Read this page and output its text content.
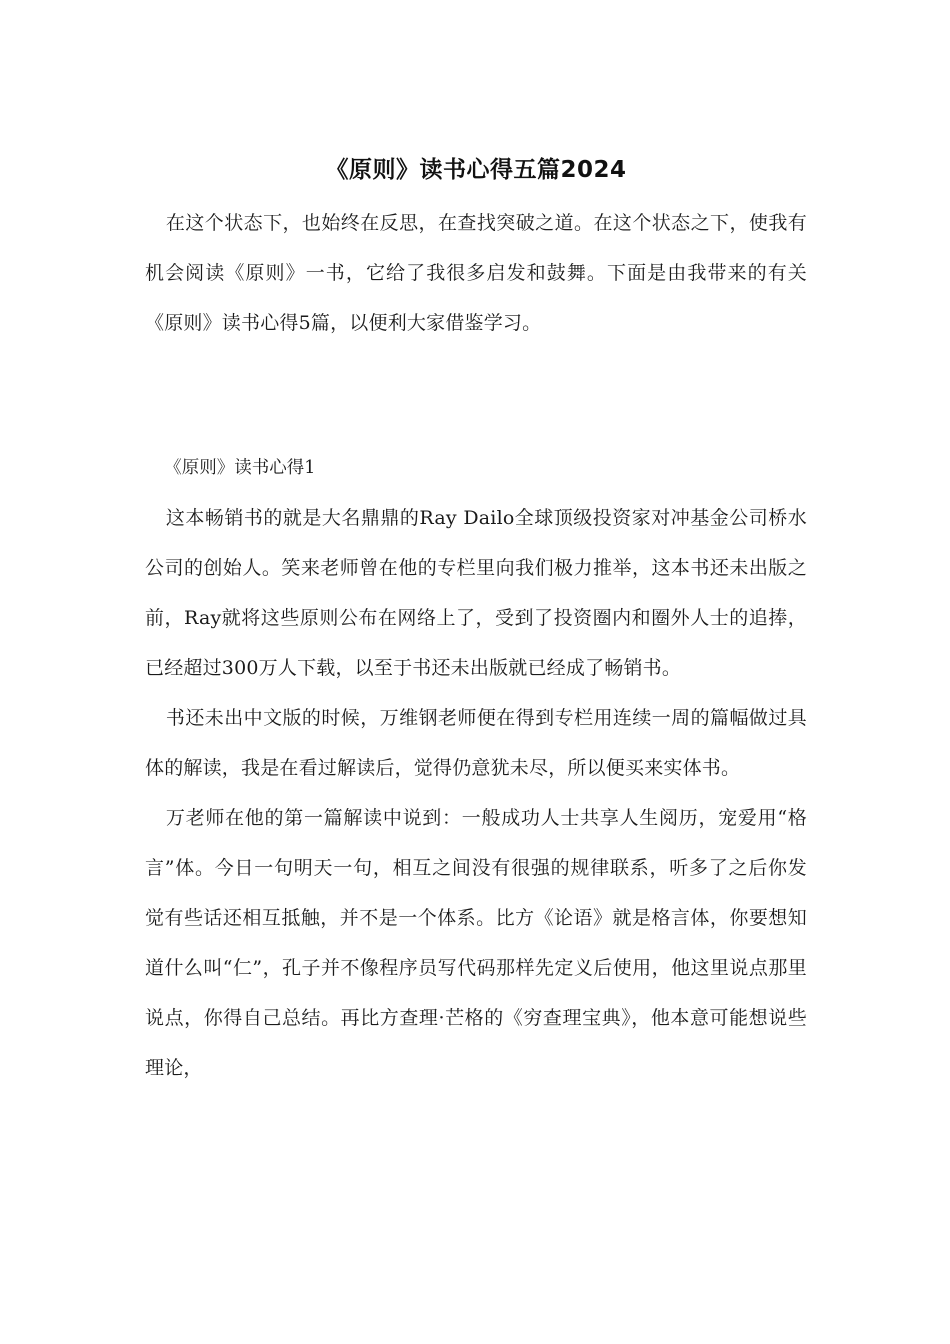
《原则》读书心得五篇2024

在这个状态下，也始终在反思，在查找突破之道。在这个状态之下，使我有机会阅读《原则》一书，它给了我很多启发和鼓舞。下面是由我带来的有关《原则》读书心得5篇，以便利大家借鉴学习。

《原则》读书心得1

这本畅销书的就是大名鼎鼎的Ray Dailo全球顶级投资家对冲基金公司桥水公司的创始人。笑来老师曾在他的专栏里向我们极力推举，这本书还未出版之前，Ray就将这些原则公布在网络上了，受到了投资圈内和圈外人士的追捧，已经超过300万人下载，以至于书还未出版就已经成了畅销书。

书还未出中文版的时候，万维钢老师便在得到专栏用连续一周的篇幅做过具体的解读，我是在看过解读后，觉得仍意犹未尽，所以便买来实体书。

万老师在他的第一篇解读中说到：一般成功人士共享人生阅历，宠爱用“格言”体。今日一句明天一句，相互之间没有很强的规律联系，听多了之后你发觉有些话还相互抵触，并不是一个体系。比方《论语》就是格言体，你要想知道什么叫“仁”，孔子并不像程序员写代码那样先定义后使用，他这里说点那里说点，你得自己总结。再比方查理·芒格的《穷查理宝典》，他本意可能想说些理论，
